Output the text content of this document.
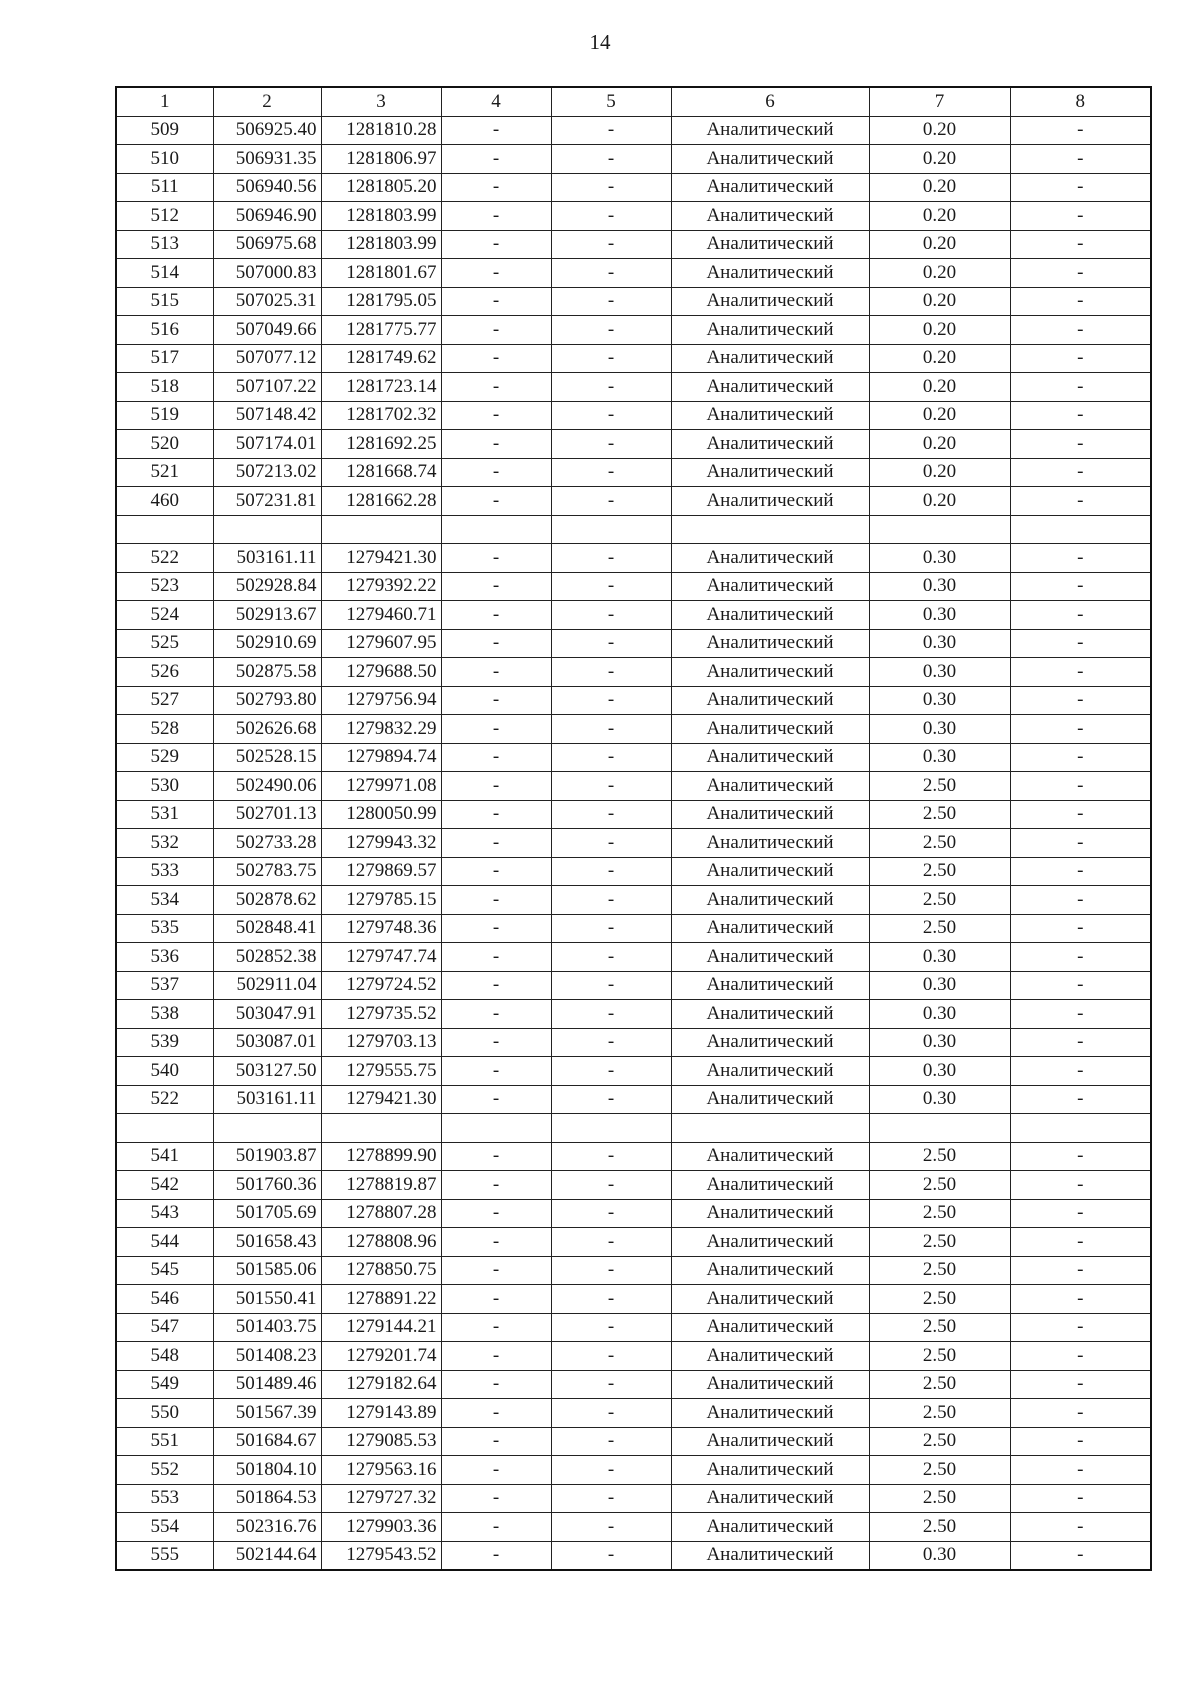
14
1	2	3	4	5	6	7	8
509	506925.40	1281810.28	-	-	Аналитический	0.20	-
510	506931.35	1281806.97	-	-	Аналитический	0.20	-
511	506940.56	1281805.20	-	-	Аналитический	0.20	-
512	506946.90	1281803.99	-	-	Аналитический	0.20	-
513	506975.68	1281803.99	-	-	Аналитический	0.20	-
514	507000.83	1281801.67	-	-	Аналитический	0.20	-
515	507025.31	1281795.05	-	-	Аналитический	0.20	-
516	507049.66	1281775.77	-	-	Аналитический	0.20	-
517	507077.12	1281749.62	-	-	Аналитический	0.20	-
518	507107.22	1281723.14	-	-	Аналитический	0.20	-
519	507148.42	1281702.32	-	-	Аналитический	0.20	-
520	507174.01	1281692.25	-	-	Аналитический	0.20	-
521	507213.02	1281668.74	-	-	Аналитический	0.20	-
460	507231.81	1281662.28	-	-	Аналитический	0.20	-

522	503161.11	1279421.30	-	-	Аналитический	0.30	-
523	502928.84	1279392.22	-	-	Аналитический	0.30	-
524	502913.67	1279460.71	-	-	Аналитический	0.30	-
525	502910.69	1279607.95	-	-	Аналитический	0.30	-
526	502875.58	1279688.50	-	-	Аналитический	0.30	-
527	502793.80	1279756.94	-	-	Аналитический	0.30	-
528	502626.68	1279832.29	-	-	Аналитический	0.30	-
529	502528.15	1279894.74	-	-	Аналитический	0.30	-
530	502490.06	1279971.08	-	-	Аналитический	2.50	-
531	502701.13	1280050.99	-	-	Аналитический	2.50	-
532	502733.28	1279943.32	-	-	Аналитический	2.50	-
533	502783.75	1279869.57	-	-	Аналитический	2.50	-
534	502878.62	1279785.15	-	-	Аналитический	2.50	-
535	502848.41	1279748.36	-	-	Аналитический	2.50	-
536	502852.38	1279747.74	-	-	Аналитический	0.30	-
537	502911.04	1279724.52	-	-	Аналитический	0.30	-
538	503047.91	1279735.52	-	-	Аналитический	0.30	-
539	503087.01	1279703.13	-	-	Аналитический	0.30	-
540	503127.50	1279555.75	-	-	Аналитический	0.30	-
522	503161.11	1279421.30	-	-	Аналитический	0.30	-

541	501903.87	1278899.90	-	-	Аналитический	2.50	-
542	501760.36	1278819.87	-	-	Аналитический	2.50	-
543	501705.69	1278807.28	-	-	Аналитический	2.50	-
544	501658.43	1278808.96	-	-	Аналитический	2.50	-
545	501585.06	1278850.75	-	-	Аналитический	2.50	-
546	501550.41	1278891.22	-	-	Аналитический	2.50	-
547	501403.75	1279144.21	-	-	Аналитический	2.50	-
548	501408.23	1279201.74	-	-	Аналитический	2.50	-
549	501489.46	1279182.64	-	-	Аналитический	2.50	-
550	501567.39	1279143.89	-	-	Аналитический	2.50	-
551	501684.67	1279085.53	-	-	Аналитический	2.50	-
552	501804.10	1279563.16	-	-	Аналитический	2.50	-
553	501864.53	1279727.32	-	-	Аналитический	2.50	-
554	502316.76	1279903.36	-	-	Аналитический	2.50	-
555	502144.64	1279543.52	-	-	Аналитический	0.30	-
